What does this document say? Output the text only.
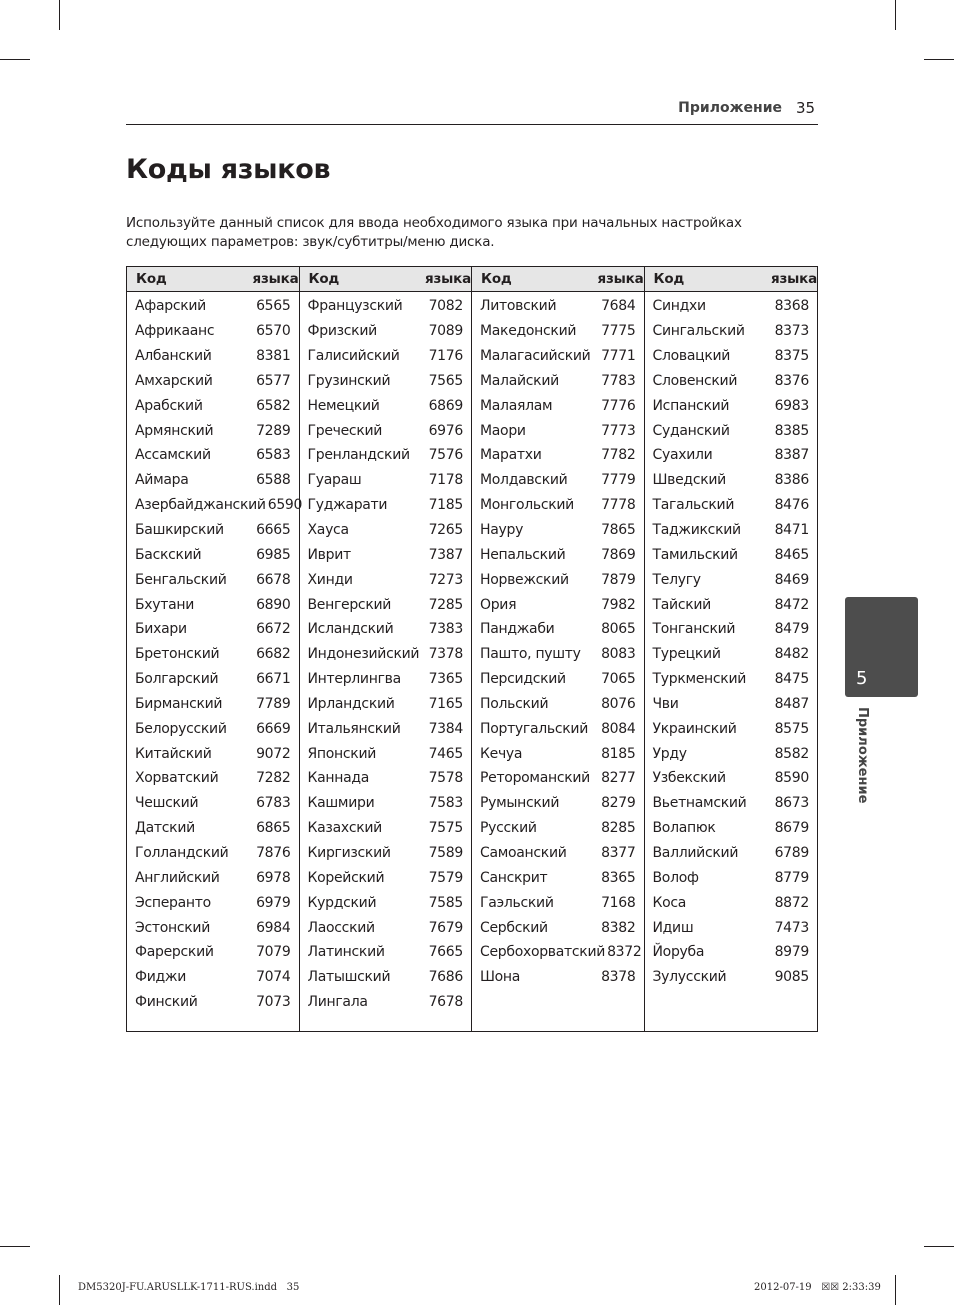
Приложение 35
Коды языков

Используйте данный список для ввода необходимого языка при начальных настройках следующих параметров: звук/субтитры/меню диска.

Код	языка
Афарский	6565
Африкаанс	6570
Албанский	8381
Амхарский	6577
Арабский	6582
Армянский	7289
Ассамский	6583
Аймара	6588
Азербайджанский 6590
Башкирский 6665
Баскский	6985
Бенгальский 6678
Бхутани	6890
Бихари	6672
Бретонский	6682
Болгарский	6671
Бирманский 7789
Белорусский 6669
Китайский	9072
Хорватский	7282
Чешский	6783
Датский	6865
Голландский 7876
Английский	6978
Эсперанто	6979
Эстонский	6984
Фарерский	7079
Фиджи	7074
Финский	7073
Код	языка
Французский 7082
Фризский	7089
Галисийский 7176
Грузинский	7565
Немецкий	6869
Греческий	6976
Гренландский 7576
Гуараш	7178
Гуджарати	7185
Хауса	7265
Иврит	7387
Хинди	7273
Венгерский	7285
Исландский	7383
Индонезийский 7378
Интерлингва 7365
Ирландский 7165
Итальянский 7384
Японский	7465
Каннада	7578
Кашмири	7583
Казахский	7575
Киргизский	7589
Корейский	7579
Курдский	7585
Лаосский	7679
Латинский	7665
Латышский	7686
Лингала	7678
Код	языка
Литовский	7684
Македонский 7775
Малагасийский 7771
Малайский	7783
Малаялам	7776
Маори	7773
Маратхи	7782
Молдавский 7779
Монгольский 7778
Науру	7865
Непальский	7869
Норвежский 7879
Ория	7982
Панджаби	8065
Пашто, пушту 8083
Персидский	7065
Польский	8076
Португальский 8084
Кечуа	8185
Ретороманский 8277
Румынский	8279
Русский	8285
Самоанский 8377
Санскрит	8365
Гаэльский	7168
Сербский	8382
Сербохорватский 8372
Шона	8378
Код	языка
Синдхи	8368
Сингальский 8373
Словацкий	8375
Словенский	8376
Испанский	6983
Суданский	8385
Суахили	8387
Шведский	8386
Тагальский	8476
Таджикский 8471
Тамильский	8465
Телугу	8469
Тайский	8472
Тонганский	8479
Турецкий	8482
Туркменский 8475
Чви	8487
Украинский	8575
Урду	8582
Узбекский	8590
Вьетнамский 8673
Волапюк	8679
Валлийский	6789
Волоф	8779
Коса	8872
Идиш	7473
Йоруба	8979
Зулусский	9085
5
Приложение
DM5320J-FU.ARUSLLK-1711-RUS.indd   35	2012-07-19   ☒☒ 2:33:39
